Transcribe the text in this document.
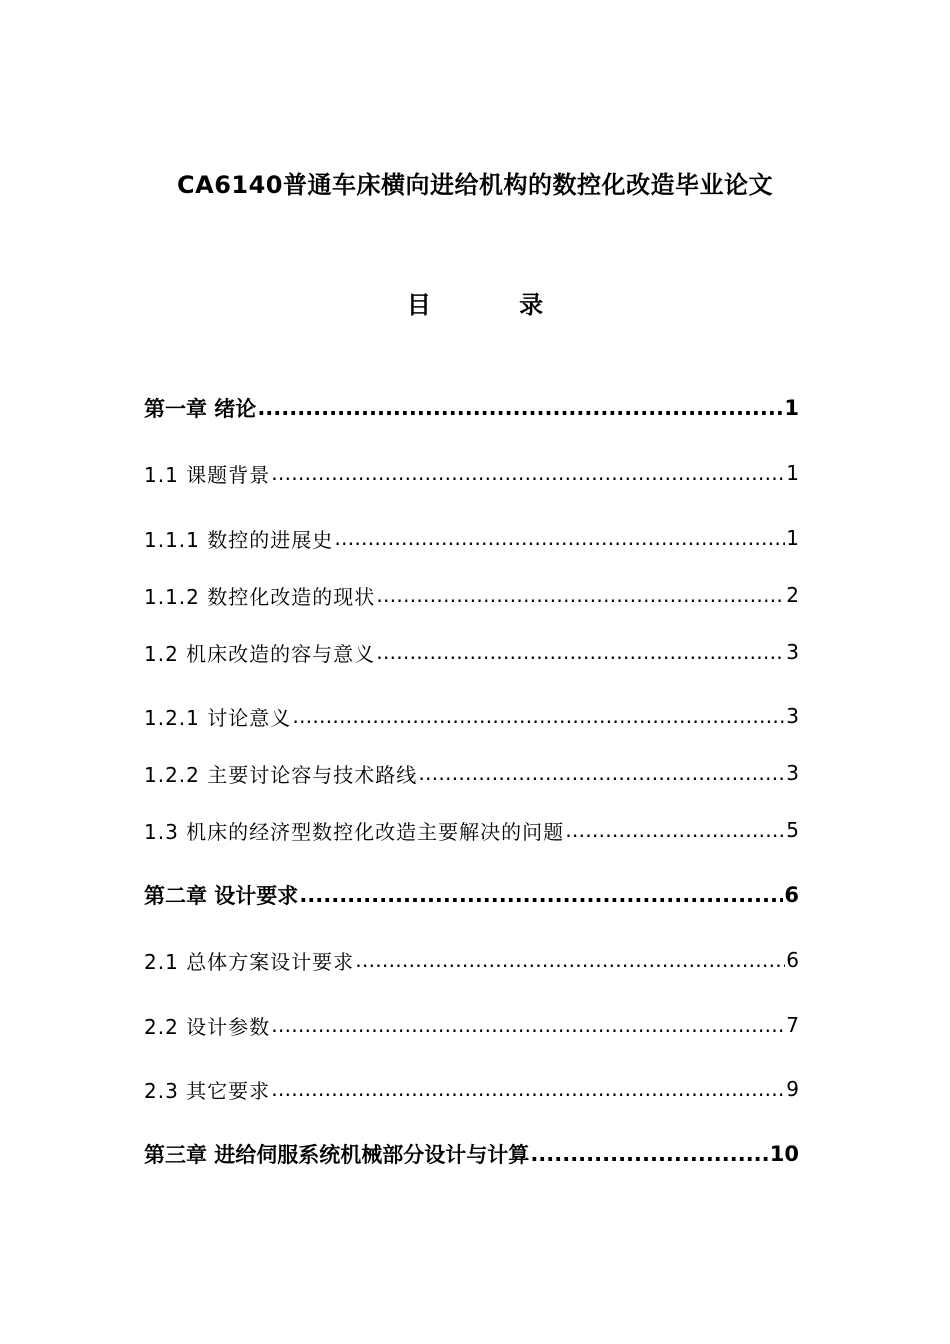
CA6140普通车床横向进给机构的数控化改造毕业论文
目 录
第一章 绪论 .....	1
1.1 课题背景 ……………………………………………………………………………………………………………………………………………………………………	1
1.1.1 数控的进展史 ……………………………………………………………………………………………………………………………………………………………………	1
1.1.2 数控化改造的现状 ……………………………………………………………………………………………………………………………………………………………………	2
1.2 机床改造的容与意义 ……………………………………………………………………………………………………………………………………………………………………	3
1.2.1 讨论意义 ……………………………………………………………………………………………………………………………………………………………………	3
1.2.2 主要讨论容与技术路线 ……………………………………………………………………………………………………………………………………………………………………	3
1.3 机床的经济型数控化改造主要解决的问题 ……………………………………………………………………………………………………………………………………………………………………	5
第二章 设计要求 .....	6
2.1 总体方案设计要求 ……………………………………………………………………………………………………………………………………………………………………	6
2.2 设计参数 ……………………………………………………………………………………………………………………………………………………………………	7
2.3 其它要求 ……………………………………………………………………………………………………………………………………………………………………	9
第三章 进给伺服系统机械部分设计与计算 .....	10
